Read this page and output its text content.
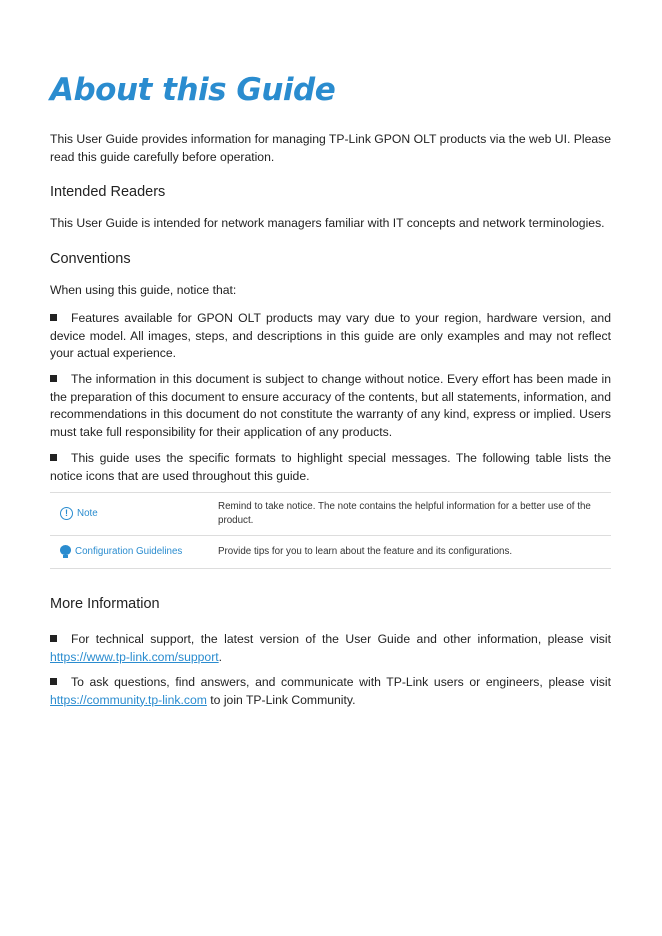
About this Guide

This User Guide provides information for managing TP-Link GPON OLT products via the web UI. Please read this guide carefully before operation.

Intended Readers

This User Guide is intended for network managers familiar with IT concepts and network terminologies.

Conventions

When using this guide, notice that:

Features available for GPON OLT products may vary due to your region, hardware version, and device model. All images, steps, and descriptions in this guide are only examples and may not reflect your actual experience.

The information in this document is subject to change without notice. Every effort has been made in the preparation of this document to ensure accuracy of the contents, but all statements, information, and recommendations in this document do not constitute the warranty of any kind, express or implied. Users must take full responsibility for their application of any products.

This guide uses the specific formats to highlight special messages. The following table lists the notice icons that are used throughout this guide.

! Note	Remind to take notice. The note contains the helpful information for a better use of the product.

Configuration Guidelines	Provide tips for you to learn about the feature and its configurations.
More Information

For technical support, the latest version of the User Guide and other information, please visit https://www.tp-link.com/support.

To ask questions, find answers, and communicate with TP-Link users or engineers, please visit https://community.tp-link.com to join TP-Link Community.
